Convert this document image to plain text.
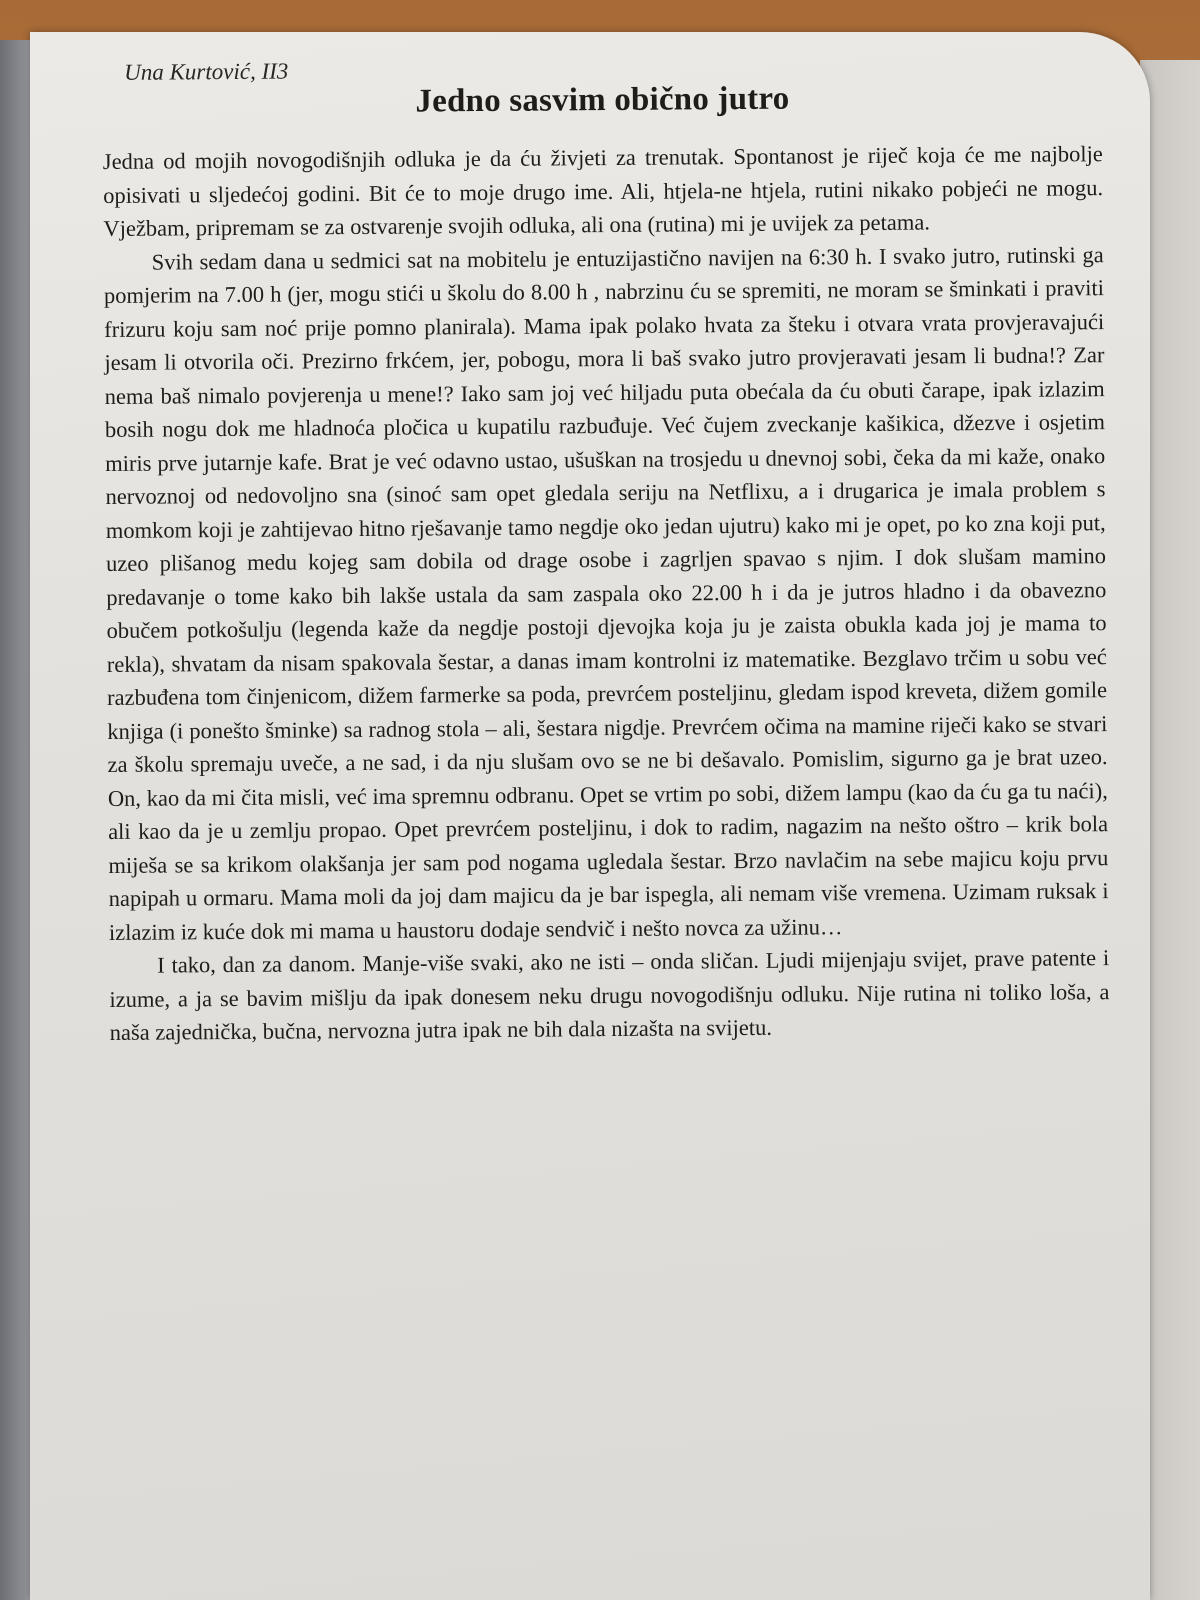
Una Kurtović, II3
Jedno sasvim obično jutro

Jedna od mojih novogodišnjih odluka je da ću živjeti za trenutak. Spontanost je riječ koja će me najbolje opisivati u sljedećoj godini. Bit će to moje drugo ime. Ali, htjela-ne htjela, rutini nikako pobjeći ne mogu. Vježbam, pripremam se za ostvarenje svojih odluka, ali ona (rutina) mi je uvijek za petama.

Svih sedam dana u sedmici sat na mobitelu je entuzijastično navijen na 6:30 h. I svako jutro, rutinski ga pomjerim na 7.00 h (jer, mogu stići u školu do 8.00 h , nabrzinu ću se spremiti, ne moram se šminkati i praviti frizuru koju sam noć prije pomno planirala). Mama ipak polako hvata za šteku i otvara vrata provjeravajući jesam li otvorila oči. Prezirno frkćem, jer, pobogu, mora li baš svako jutro provjeravati jesam li budna!? Zar nema baš nimalo povjerenja u mene!? Iako sam joj već hiljadu puta obećala da ću obuti čarape, ipak izlazim bosih nogu dok me hladnoća pločica u kupatilu razbuđuje. Već čujem zveckanje kašikica, džezve i osjetim miris prve jutarnje kafe. Brat je već odavno ustao, ušuškan na trosjedu u dnevnoj sobi, čeka da mi kaže, onako nervoznoj od nedovoljno sna (sinoć sam opet gledala seriju na Netflixu, a i drugarica je imala problem s momkom koji je zahtijevao hitno rješavanje tamo negdje oko jedan ujutru) kako mi je opet, po ko zna koji put, uzeo plišanog medu kojeg sam dobila od drage osobe i zagrljen spavao s njim. I dok slušam mamino predavanje o tome kako bih lakše ustala da sam zaspala oko 22.00 h i da je jutros hladno i da obavezno obučem potkošulju (legenda kaže da negdje postoji djevojka koja ju je zaista obukla kada joj je mama to rekla), shvatam da nisam spakovala šestar, a danas imam kontrolni iz matematike. Bezglavo trčim u sobu već razbuđena tom činjenicom, dižem farmerke sa poda, prevrćem posteljinu, gledam ispod kreveta, dižem gomile knjiga (i ponešto šminke) sa radnog stola – ali, šestara nigdje. Prevrćem očima na mamine riječi kako se stvari za školu spremaju uveče, a ne sad, i da nju slušam ovo se ne bi dešavalo. Pomislim, sigurno ga je brat uzeo. On, kao da mi čita misli, već ima spremnu odbranu. Opet se vrtim po sobi, dižem lampu (kao da ću ga tu naći), ali kao da je u zemlju propao. Opet prevrćem posteljinu, i dok to radim, nagazim na nešto oštro – krik bola miješa se sa krikom olakšanja jer sam pod nogama ugledala šestar. Brzo navlačim na sebe majicu koju prvu napipah u ormaru. Mama moli da joj dam majicu da je bar ispegla, ali nemam više vremena. Uzimam ruksak i izlazim iz kuće dok mi mama u haustoru dodaje sendvič i nešto novca za užinu…

I tako, dan za danom. Manje-više svaki, ako ne isti – onda sličan. Ljudi mijenjaju svijet, prave patente i izume, a ja se bavim mišlju da ipak donesem neku drugu novogodišnju odluku. Nije rutina ni toliko loša, a naša zajednička, bučna, nervozna jutra ipak ne bih dala nizašta na svijetu.
